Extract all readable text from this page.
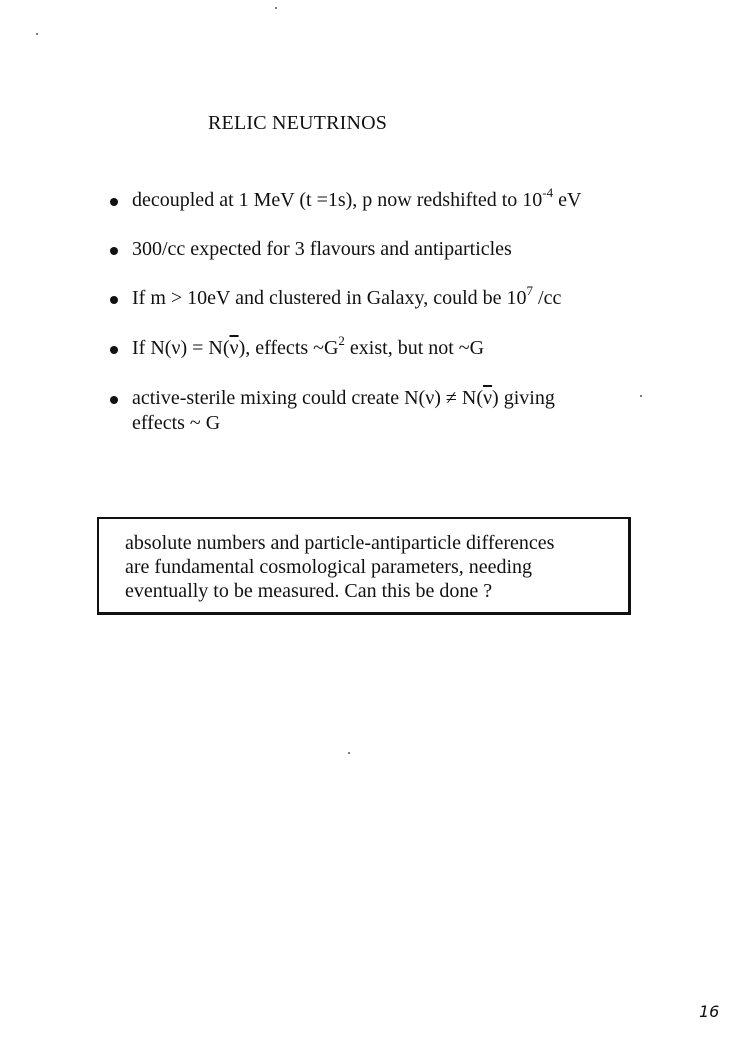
RELIC NEUTRINOS
decoupled at 1 MeV (t =1s), p now redshifted to $10^{-4}$ eV
300/cc expected for 3 flavours and antiparticles
If m > 10eV and clustered in Galaxy, could be $10^7$ /cc
If $N(\nu) = N(\overline{\nu})$, effects $\sim G^2$ exist, but not ~G
active-sterile mixing could create $N(\nu) \ne N(\overline{\nu})$ giving
effects ~ G
absolute numbers and particle-antiparticle differences
are fundamental cosmological parameters, needing
eventually to be measured. Can this be done ?
16
